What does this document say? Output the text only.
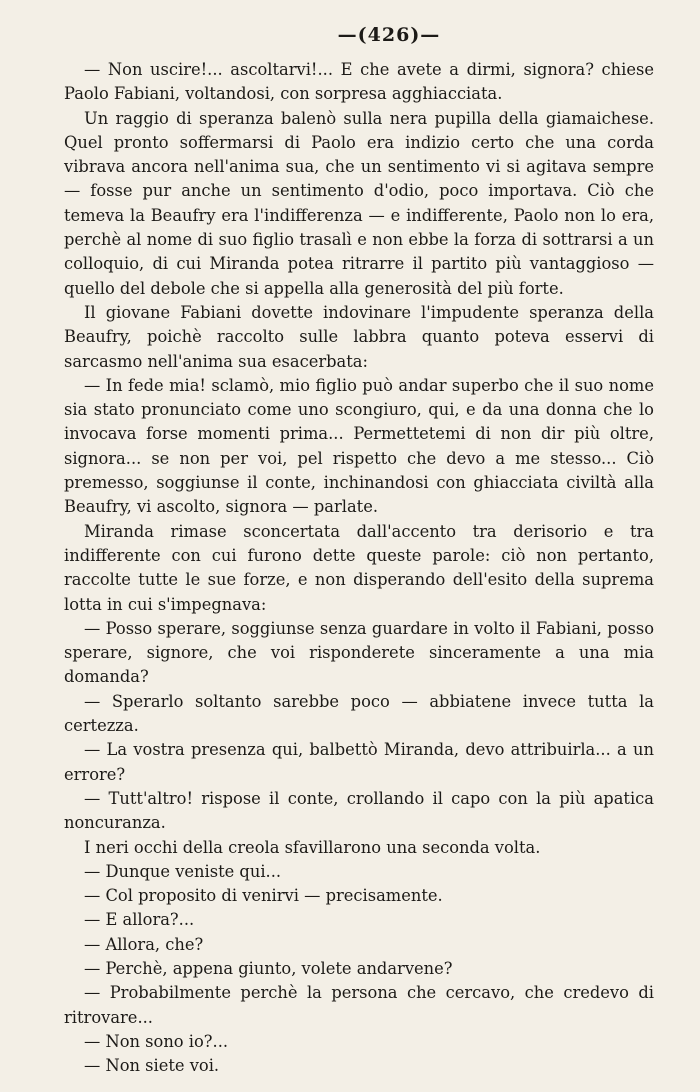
—(426)—

— Non uscire!... ascoltarvi!... E che avete a dirmi, signora? chiese Paolo Fabiani, voltandosi, con sorpresa agghiacciata.

Un raggio di speranza balenò sulla nera pupilla della giamaichese. Quel pronto soffermarsi di Paolo era indizio certo che una corda vibrava ancora nell'anima sua, che un sentimento vi si agitava sempre — fosse pur anche un sentimento d'odio, poco importava. Ciò che temeva la Beaufry era l'indifferenza — e indifferente, Paolo non lo era, perchè al nome di suo figlio trasalì e non ebbe la forza di sottrarsi a un colloquio, di cui Miranda potea ritrarre il partito più vantaggioso — quello del debole che si appella alla generosità del più forte.

Il giovane Fabiani dovette indovinare l'impudente speranza della Beaufry, poichè raccolto sulle labbra quanto poteva esservi di sarcasmo nell'anima sua esacerbata:

— In fede mia! sclamò, mio figlio può andar superbo che il suo nome sia stato pronunciato come uno scongiuro, qui, e da una donna che lo invocava forse momenti prima... Permettetemi di non dir più oltre, signora... se non per voi, pel rispetto che devo a me stesso... Ciò premesso, soggiunse il conte, inchinandosi con ghiacciata civiltà alla Beaufry, vi ascolto, signora — parlate.

Miranda rimase sconcertata dall'accento tra derisorio e tra indifferente con cui furono dette queste parole: ciò non pertanto, raccolte tutte le sue forze, e non disperando dell'esito della suprema lotta in cui s'impegnava:

— Posso sperare, soggiunse senza guardare in volto il Fabiani, posso sperare, signore, che voi risponderete sinceramente a una mia domanda?

— Sperarlo soltanto sarebbe poco — abbiatene invece tutta la certezza.

— La vostra presenza qui, balbettò Miranda, devo attribuirla... a un errore?

— Tutt'altro! rispose il conte, crollando il capo con la più apatica noncuranza.

I neri occhi della creola sfavillarono una seconda volta.

— Dunque veniste qui...

— Col proposito di venirvi — precisamente.

— E allora?...

— Allora, che?

— Perchè, appena giunto, volete andarvene?

— Probabilmente perchè la persona che cercavo, che credevo di ritrovare...

— Non sono io?...

— Non siete voi.
